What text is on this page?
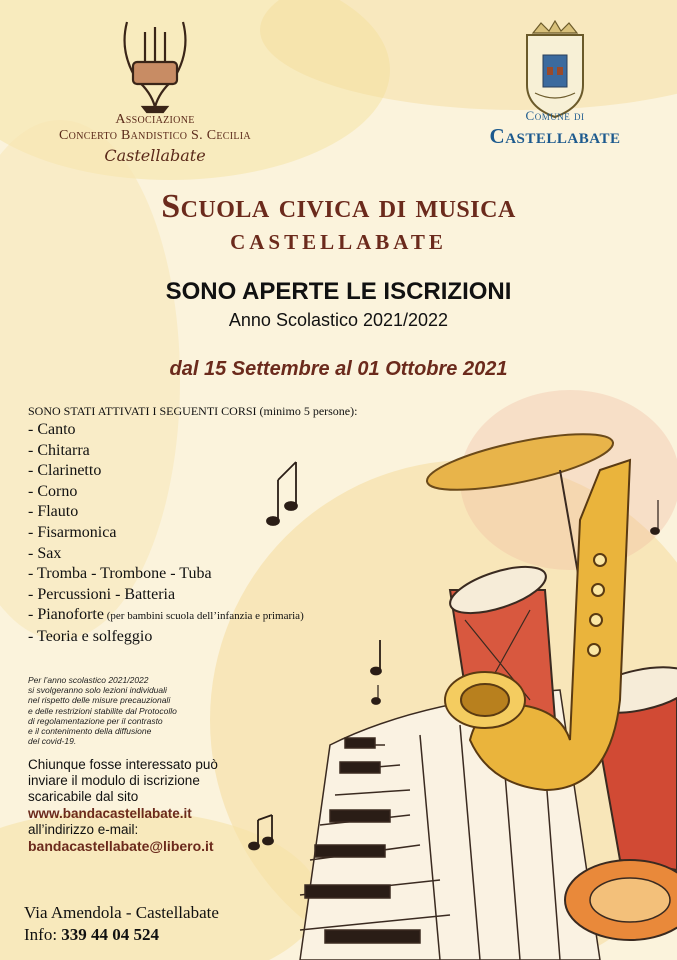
Associazione
Concerto Bandistico S. Cecilia
Castellabate
Comune di
Castellabate
Scuola civica di musica
CASTELLABATE
SONO APERTE LE ISCRIZIONI
Anno Scolastico 2021/2022
dal 15 Settembre al 01 Ottobre 2021
SONO STATI ATTIVATI I SEGUENTI CORSI (minimo 5 persone):
- Canto
- Chitarra
- Clarinetto
- Corno
- Flauto
- Fisarmonica
- Sax
- Tromba - Trombone - Tuba
- Percussioni - Batteria
- Pianoforte (per bambini scuola dell’infanzia e primaria)
- Teoria e solfeggio
Per l’anno scolastico 2021/2022
si svolgeranno solo lezioni individuali
nel rispetto delle misure precauzionali
e delle restrizioni stabilite dal Protocollo
di regolamentazione per il contrasto
e il contenimento della diffusione
del covid-19.
Chiunque fosse interessato può
inviare il modulo di iscrizione
scaricabile dal sito
www.bandacastellabate.it
all’indirizzo e-mail:
bandacastellabate@libero.it
Via Amendola - Castellabate
Info: 339 44 04 524
